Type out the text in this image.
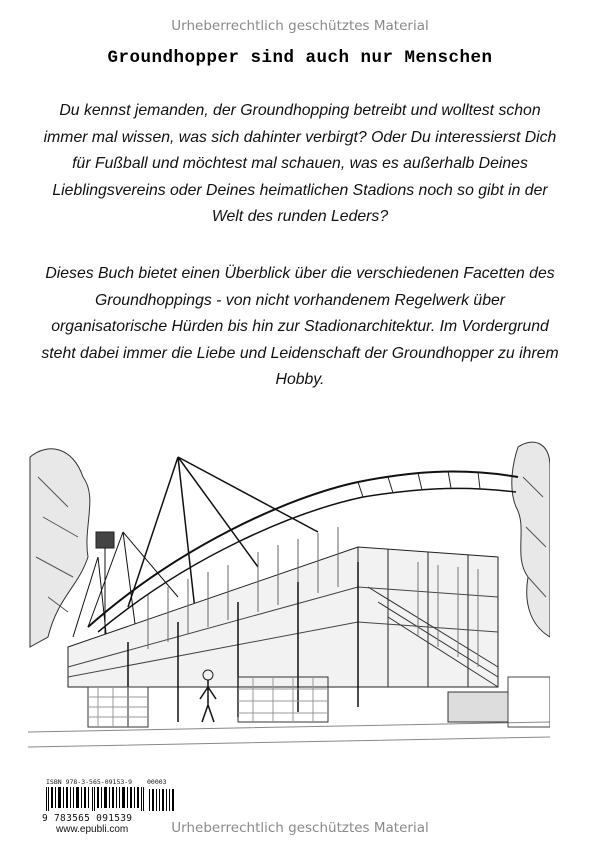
Urheberrechtlich geschütztes Material
Groundhopper sind auch nur Menschen

Du kennst jemanden, der Groundhopping betreibt und wolltest schon immer mal wissen, was sich dahinter verbirgt? Oder Du interessierst Dich für Fußball und möchtest mal schauen, was es außerhalb Deines Lieblingsvereins oder Deines heimatlichen Stadions noch so gibt in der Welt des runden Leders?

Dieses Buch bietet einen Überblick über die verschiedenen Facetten des Groundhoppings - von nicht vorhandenem Regelwerk über organisatorische Hürden bis hin zur Stadionarchitektur. Im Vordergrund steht dabei immer die Liebe und Leidenschaft der Groundhopper zu ihrem Hobby.

ISBN 978-3-565-09153-9 00003
9 783565 091539
www.epubli.com	Urheberrechtlich geschütztes Material
